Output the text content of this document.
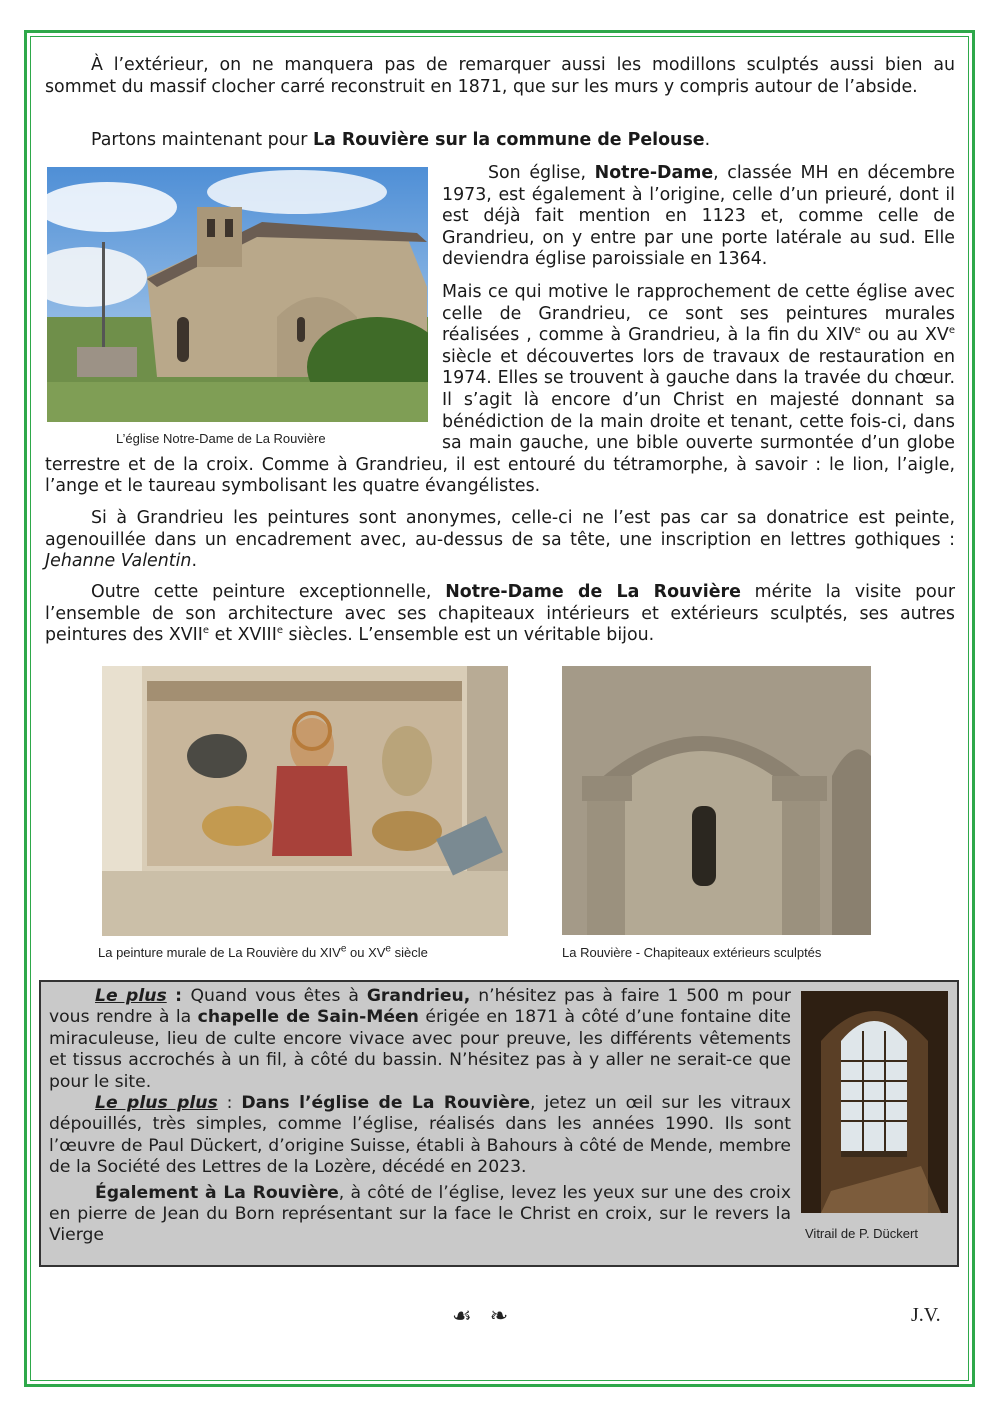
À l’extérieur, on ne manquera pas de remarquer aussi les modillons sculptés aussi bien au sommet du massif clocher carré reconstruit en 1871, que sur les murs y compris autour de l’abside.

Partons maintenant pour La Rouvière sur la commune de Pelouse.

L’église Notre-Dame de La Rouvière

Son église, Notre-Dame, classée MH en décembre 1973, est également à l’origine, celle d’un prieuré, dont il est déjà fait mention en 1123 et, comme celle de Grandrieu, on y entre par une porte latérale au sud. Elle deviendra église paroissiale en 1364.

Mais ce qui motive le rapprochement de cette église avec celle de Grandrieu, ce sont ses peintures murales réalisées , comme à Grandrieu, à la fin du XIVe ou au XVe siècle et découvertes lors de travaux de restauration en 1974. Elles se trouvent à gauche dans la travée du chœur. Il s’agit là encore d’un Christ en majesté donnant sa bénédiction de la main droite et tenant, cette fois-ci, dans sa main gauche, une bible ouverte surmontée d’un globe terrestre et de la croix. Comme à Grandrieu, il est entouré du tétramorphe, à savoir : le lion, l’aigle, l’ange et le taureau symbolisant les quatre évangélistes.

Si à Grandrieu les peintures sont anonymes, celle-ci ne l’est pas car sa donatrice est peinte, agenouillée dans un encadrement avec, au-dessus de sa tête, une inscription en lettres gothiques : Jehanne Valentin.

Outre cette peinture exceptionnelle, Notre-Dame de La Rouvière mérite la visite pour l’ensemble de son architecture avec ses chapiteaux intérieurs et extérieurs sculptés, ses autres peintures des XVIIe et XVIIIe siècles. L’ensemble est un véritable bijou.

La peinture murale de La Rouvière du XIVe ou XVe siècle	La Rouvière - Chapiteaux extérieurs sculptés

Le plus : Quand vous êtes à Grandrieu, n’hésitez pas à faire 1 500 m pour vous rendre à la chapelle de Sain-Méen érigée en 1871 à côté d’une fontaine dite miraculeuse, lieu de culte encore vivace avec pour preuve, les différents vêtements et tissus accrochés à un fil, à côté du bassin. N’hésitez pas à y aller ne serait-ce que pour le site.

Le plus plus : Dans l’église de La Rouvière, jetez un œil sur les vitraux dépouillés, très simples, comme l’église, réalisés dans les années 1990. Ils sont l’œuvre de Paul Dückert, d’origine Suisse, établi à Bahours à côté de Mende, membre de la Société des Lettres de la Lozère, décédé en 2023.

Également à La Rouvière, à côté de l’église, levez les yeux sur une des croix en pierre de Jean du Born représentant sur la face le Christ en croix, sur le revers la Vierge	Vitrail de P. Dückert
☙❧	J.V.
